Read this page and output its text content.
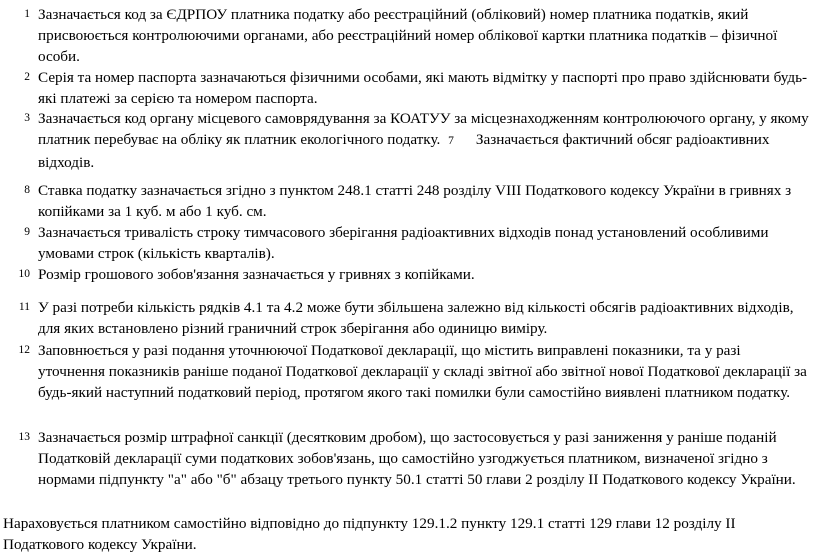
1 Зазначається код за ЄДРПОУ платника податку або реєстраційний (обліковий) номер платника податків, який присвоюється контролюючими органами, або реєстраційний номер облікової картки платника податків – фізичної особи.
2 Серія та номер паспорта зазначаються фізичними особами, які мають відмітку у паспорті про право здійснювати будь-які платежі за серією та номером паспорта.
3 Зазначається код органу місцевого самоврядування за КОАТУУ за місцезнаходженням контролюючого органу, у якому платник перебуває на обліку як платник екологічного податку. 7 Зазначається фактичний обсяг радіоактивних відходів.
8 Ставка податку зазначається згідно з пунктом 248.1 статті 248 розділу VIII Податкового кодексу України в гривнях з копійками за 1 куб. м або 1 куб. см.
9 Зазначається тривалість строку тимчасового зберігання радіоактивних відходів понад установлений особливими умовами строк (кількість кварталів).
10 Розмір грошового зобов'язання зазначається у гривнях з копійками.
11 У разі потреби кількість рядків 4.1 та 4.2 може бути збільшена залежно від кількості обсягів радіоактивних відходів, для яких встановлено різний граничний строк зберігання або одиницю виміру.
12 Заповнюється у разі подання уточнюючої Податкової декларації, що містить виправлені показники, та у разі уточнення показників раніше поданої Податкової декларації у складі звітної або звітної нової Податкової декларації за будь-який наступний податковий період, протягом якого такі помилки були самостійно виявлені платником податку.
13 Зазначається розмір штрафної санкції (десятковим дробом), що застосовується у разі заниження у раніше поданій Податковій декларації суми податкових зобов'язань, що самостійно узгоджується платником, визначеної згідно з нормами підпункту "а" або "б" абзацу третього пункту 50.1 статті 50 глави 2 розділу II Податкового кодексу України.
Нараховується платником самостійно відповідно до підпункту 129.1.2 пункту 129.1 статті 129 глави 12 розділу II Податкового кодексу України.
